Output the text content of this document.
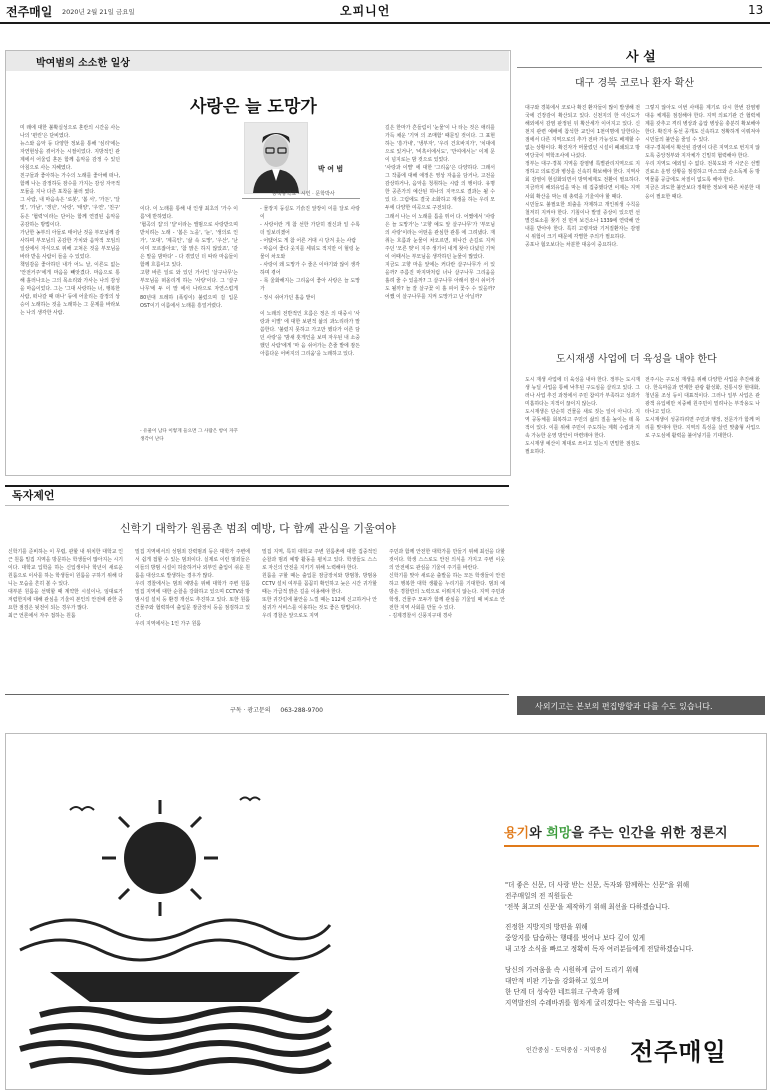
전주매일 2020년 2월 21일 금요일	오피니언	13
박여범의 소소한 일상
사랑은 늘 도망가
박 여 범
용북중학교 · 시인 · 문학박사
미 래에 대한 불확실성으로 혼란의 시간을 사는 나의 '편린'은 단비였다.
뉴스와 음악 등 다양한 정보를 통해 '심리'에는 자연현상을 겪어가는 시절이었다. 지방적인 관계에서 어울림 혼돈 함께 음악을 감정 수 있던 아침으로 사는 지혜였다.
친구들과 좋아하는 가수의 노래를 좋아해 떠나, 함께 나는 감정하듯 잠수를 가지는 감성 자극적 모듈을 지나 다른 포착을 불러 였다.
그 사람, 내 마음속은 '로봇', '봄 서', '가든', '달빛', '가남', '갱년', '사랑', '태양', '우연', '친구' 등은 '협력'이라는 단어는 함께 연결된 음악을 공감하는 방법이다.
가난한 농부의 아들로 태어난 것을 부모님께 감사하며 부모님의 공감한 가치와 음악적 모임의 일상에서 자식으로 위해 고쳐온 것을 부모님을 바라 받을 사람이 들을 수 있었다.
책임감을 좋아하던 내가 어느 날, 이른도 없는 '안전거주'에게 마음을 빼앗겼다. 마음으로 통해 흘러나오는 그의 목소리와 가사는 나의 감성을 마음이었다. 그는 '그대 사랑하는 너, 행복한 사람, 떠나갈 때 떠나' 등에 어울리는 감정의 상승이 노래하는 것을 노래하는 그 문제를 바라보는 나의 생각한 사람.
이다. 이 노래를 통해 내 인생 최초의 '가수 이름'에 반하였다.
'협곡의 집'의 '달'이라는 앨범으로 사랑받으며 받치려는 노래 - '봄은 노을', '눈', '생의로 인가', '오대', '계곡인', '삶 속 도망', '우산', '난 이미 모르잖아요', '참 맑은 하지 않았죠', '같은 말을 밤마다' - 다 겪었던 더 따라 마음들이 함께 흐름이고 있다.
고향 바른 일로 와 있던 가사인 '살구나무'는 부모님을 떠올리게 하는 '사랑'이다. 그 '살구나무'에 두 이 말 에서 나라으로 자연스럽게 80년대 트레하 (폭링이) 불렀으며 걸 입문 OST이기 이름에서 노래를 흥얼거렸다.
- 유물이 남다 이렇게 들으면 그 사람은 항이 자꾸 생각이 난다
- 물장지 둥실도 기슭진 앞장이 이를 달로 사랑이
- 사랑이란 게 참 선한 가단히 절신과 일 수록 더 일보리겠어
- 어땠어도 게 참 어른 거대 시 당겨 웃는 사람
- 마음이 좋다 웃지를 세워도 적지만 이 헐렁 눈물이 차오와
- 사랑이 왜 도망가 수 줄은 이야기와 않이 생각하며 겪어
- 목 울화해지는 그리움이 좋아 사랑은 늘 도망가
- 정시 쉬어가던 흘음 밭이

이 노래의 전반적인 흐름은 정은 의 대중시 '사랑과 이별' 에 대한 보편적 삶의 과노리라가 말씀한다. '불렸지 못하고 가고만 했다가 이른 담던 사랑'을 '밤새 훗게인을 보며 자우된 내 소중했던 사람'에게 '마 음 쉬어가는 흔줄 밭에 잠든 아름다운 어버지의 그리움'을 노래하고 있다.
길은 한마가 흔들림이 '눈물'이 나 타는 것은 애리를 가득 채운 '기억 의 조매함' 때문일 것이다. 그 표현 하는 '흥가내', '냉부자', '우리 건흐바지가', '치대에으로 있거나', '비흑이에서도', '만여에서는' 이제 문이 넘지로는 밤 것으로 있었다.
'사랑과 이별' 에 대한 '그리움'은 다양하다. 그래서 그 작품에 대해 애정은 영상 자움을 담거나, 고전을 감상하거나, 음악을 청취하는 시람 의 행이다. 유명한 공존가의 예산된 하나의 지극으로 결과는 될 수 있 다. 그럼에도 결국 소화하고 재생을 하는 우리 모두에 다양한 여곡으로 구전되다.
그래서 나는 이 노래를 틈을 뛰어 다. 어쨌에서 '사랑은 늘 도망가'는 '고향 예도 앞 살구나무'가 '부모님 의 사랑'이라는 어떤을 관심한 관통 에 그려냈다. 재취는 흐름과 눈물이 차오르면, 떠나간 손길로 지켜주던 '모른 벗'이 지주 생기어 내게 찾아 다녔던 기억이 어때서는 부모님을 생각하던 눈물이 많았다.
지금도 고향 마을 앞에는 커다란 살구나무가 서 있을까? 주름진 마지막처럼 너나 살구나무 그리움을 흘려 줄 수 있을까? 그 살구나무 아래서 잠시 쉬어가도 될까? 늘 잘 살구꽃 이 흘 피어 꽃수 수 있을까? 어쨌 이 살구나무를 지켜 도망가고 난 아닐까?
사 설
대구 경북 코로나 환자 확산
대구와 경북에서 코로나 확진 환자들이 많이 발생해 전국에 긴장감이 확산되고 있다. 신천지의 한 여신도가 해외에서 감염 판정된 뒤 확산세가 이어지고 있다. 신천지 관련 예배에 참석한 교인이 1천여명에 달한다는 점에서 다른 지역으로의 추가 전파 가능성도 배제할 수 없는 상황이다. 확진자가 머물렀던 시설이 폐쇄되고 방역당국이 역학조사에 나섰다.
정부는 대구·경북 지역을 감염병 특별관리지역으로 지정하고 의료진과 병상을 신속히 확보해야 한다. 지역사회 감염이 현실화되면서 방역체계도 전환이 필요하다. 지금까지 해외유입을 막는 데 집중했다면 이제는 지역사회 확산을 막는 데 총력을 기울여야 할 때다.
시민들도 불필요한 외출을 자제하고 개인위생 수칙을 철저히 지켜야 한다. 기침이나 발열 증상이 있으면 선별진료소를 찾기 전 먼저 보건소나 1339에 연락해 안내를 받아야 한다. 특히 고령자와 기저질환자는 감염 시 위험이 크기 때문에 각별한 주의가 필요하다.
공포나 혐오보다는 차분한 대응이 중요하다.
그렇지 않아도 이번 사태를 계기로 다시 한번 감염병 대응 체계를 점검해야 한다. 지역 의료기관 간 협력체계를 갖추고 격리 병상과 음압 병상을 충분히 확보해야 한다. 확진자 동선 공개도 신속하고 정확하게 이뤄져야 시민들의 불안을 줄일 수 있다.
대구·경북에서 확산된 감염이 다른 지역으로 번지지 않도록 중앙정부와 지자체가 긴밀히 협력해야 한다.
우리 지역도 예외일 수 없다. 전북도와 각 시군은 선별진료소 운영 상황을 점검하고 마스크와 손소독제 등 방역물품 공급에도 차질이 없도록 해야 한다.
지금은 과도한 불안보다 정확한 정보에 따른 차분한 대응이 필요한 때다.
도시재생 사업에 더 육성을 내야 한다
도시 재생 사업에 더 육성을 내야 한다. 정부는 도시재생 뉴딜 사업을 통해 낙후된 구도심을 살리고 있다. 그러나 사업 추진 과정에서 주민 참여가 부족하고 성과가 미흡하다는 지적이 끊이지 않는다.
도시재생은 단순히 건물을 새로 짓는 일이 아니다. 지역 공동체를 회복하고 주민의 삶의 질을 높이는 데 목적이 있다. 이를 위해 주민이 주도하는 계획 수립과 지속 가능한 운영 방안이 마련돼야 한다.
도시재생 예산이 제대로 쓰이고 있는지 면밀한 점검도 필요하다.
전주시는 구도심 재생을 위해 다양한 사업을 추진해 왔다. 한옥마을과 연계한 관광 활성화, 전통시장 현대화, 청년몰 조성 등이 대표적이다. 그러나 일부 사업은 관광객 유입에만 치중해 원주민이 밀려나는 부작용도 나타나고 있다.
도시재생이 성공하려면 주민과 행정, 전문가가 함께 머리를 맞대야 한다. 지역의 특성을 살린 맞춤형 사업으로 구도심에 활력을 불어넣기를 기대한다.
독자제언
신학기 대학가 원룸촌 범죄 예방, 다 함께 관심을 기울여야
신학기를 준비하는 이 무렵, 관할 내 위치한 대학교 인근 원룸 밀집 지역을 방문하는 학생들이 많아지는 시기이다. 대학교 입학을 하는 신입생이나 학년이 새로운 원룸으로 이사를 하는 학생들이 원룸을 구하기 위해 다니는 모습을 흔히 볼 수 있다.
대부분 원룸을 선택할 때 계약한 시설이나, 임대료가 저렴한지에 대해 관심을 기울여 본인의 안전에 관한 중요한 점검은 뒷전이 되는 경우가 많다.
최근 언론에서 자주 접하는 원룸
밀집 지역에서의 성범죄 강력범죄 등은 대학가 주변에서 쉽게 접할 수 있는 범죄이다. 실제로 이런 범죄들은 이들의 방범 시설이 허술하거나 외부인 출입이 쉬운 원룸을 대상으로 발생하는 경우가 많다.
우리 경찰에서는 범죄 예방을 위해 대학가 주변 원룸 밀집 지역에 대한 순찰을 강화하고 있으며 CCTV와 방범시설 설치 등 환경 개선도 추진하고 있다. 또한 원룸 건물주와 협력하여 출입문 잠금장치 등을 점검하고 있다.
우리 지역에서는 1인 가구 원룸
밀집 지역, 특히 대학교 주변 원룸촌에 대한 집중적인 순찰과 범죄 예방 활동을 펼치고 있다. 학생들도 스스로 자신의 안전을 지키기 위해 노력해야 한다.
원룸을 구할 때는 출입문 잠금장치와 방범창, 방범용 CCTV 설치 여부를 꼼꼼히 확인하고 늦은 시간 귀가할 때는 가급적 밝은 길을 이용해야 한다.
또한 귀갓길에 불안을 느낄 때는 112에 신고하거나 안심귀가 서비스를 이용하는 것도 좋은 방법이다.
우리 경찰은 앞으로도 지역
주민과 함께 안전한 대학가를 만들기 위해 최선을 다할 것이다. 학생 스스로도 안전 의식을 가지고 주변 이웃의 안전에도 관심을 기울여 주기를 바란다.
신학기를 맞아 새로운 출발을 하는 모든 학생들이 안전하고 행복한 대학 생활을 누리기를 기대한다. 범죄 예방은 경찰만의 노력으로 이뤄지지 않는다. 지역 주민과 학생, 건물주 모두가 함께 관심을 기울일 때 비로소 안전한 지역 사회를 만들 수 있다.
- 김제경찰서 신풍지구대 경사
구독 · 광고문의 063-288-9700	사외기고는 본보의 편집방향과 다를 수도 있습니다.
용기와 희망을 주는 인간을 위한 정론지
"더 좋은 신문, 더 사랑 받는 신문, 독자와 함께하는 신문"을 위해
전주매일의 전 직원들은
'전북 최고의 신문'을 제작하기 위해 최선을 다하겠습니다.
진정한 지방지의 방편을 위해
중앙지를 답습하는 행태를 벗어나 보다 깊이 있게
내 고장 소식을 빠르고 정확히 독자 여러분들에게 전달하겠습니다.
당신의 가려움을 속 시원하게 긁어 드리기 위해
대안적 비판 기능을 강화하고 있으며
한 단계 더 성숙한 네트워크 구축과 함께
지역발전의 수레바퀴를 힘차게 굴리겠다는 약속을 드립니다.
인간중심 · 도덕중심 · 지역중심 전주매일
